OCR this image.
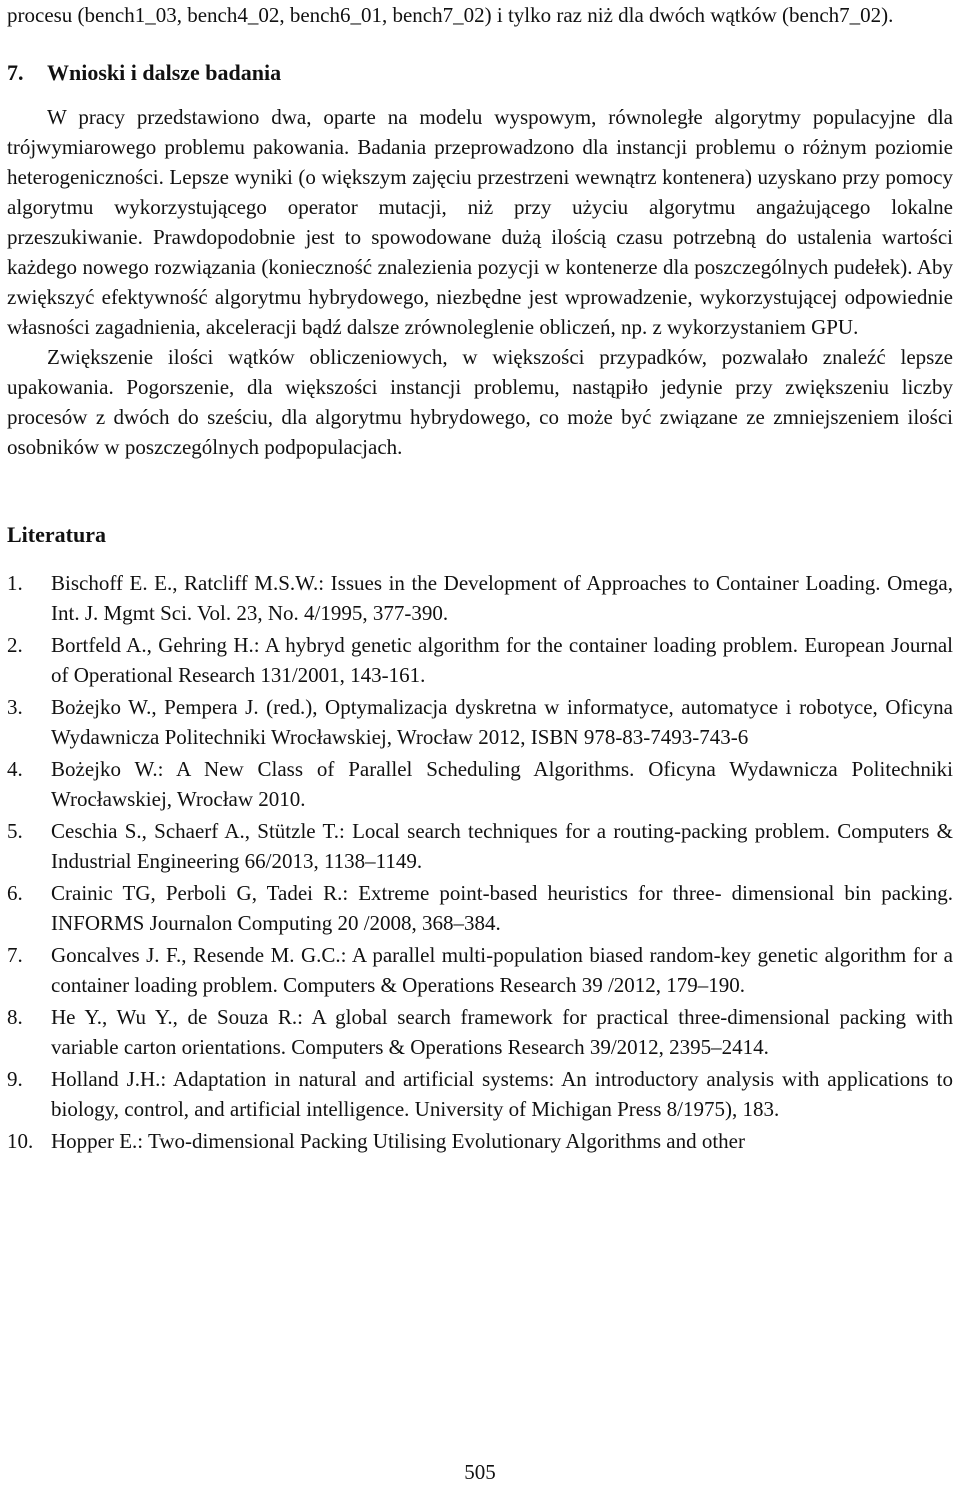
procesu (bench1_03, bench4_02, bench6_01, bench7_02) i tylko raz niż dla dwóch wątków (bench7_02).

7. Wnioski i dalsze badania

W pracy przedstawiono dwa, oparte na modelu wyspowym, równoległe algorytmy populacyjne dla trójwymiarowego problemu pakowania. Badania przeprowadzono dla instancji problemu o różnym poziomie heterogeniczności. Lepsze wyniki (o większym zajęciu przestrzeni wewnątrz kontenera) uzyskano przy pomocy algorytmu wykorzystującego operator mutacji, niż przy użyciu algorytmu angażującego lokalne przeszukiwanie. Prawdopodobnie jest to spowodowane dużą ilością czasu potrzebną do ustalenia wartości każdego nowego rozwiązania (konieczność znalezienia pozycji w kontenerze dla poszczególnych pudełek). Aby zwiększyć efektywność algorytmu hybrydowego, niezbędne jest wprowadzenie, wykorzystującej odpowiednie własności zagadnienia, akceleracji bądź dalsze zrównoleglenie obliczeń, np. z wykorzystaniem GPU.

Zwiększenie ilości wątków obliczeniowych, w większości przypadków, pozwalało znaleźć lepsze upakowania. Pogorszenie, dla większości instancji problemu, nastąpiło jedynie przy zwiększeniu liczby procesów z dwóch do sześciu, dla algorytmu hybrydowego, co może być związane ze zmniejszeniem ilości osobników w poszczególnych podpopulacjach.

Literatura
1. Bischoff E. E., Ratcliff M.S.W.: Issues in the Development of Approaches to Container Loading. Omega, Int. J. Mgmt Sci. Vol. 23, No. 4/1995, 377-390.
2. Bortfeld A., Gehring H.: A hybryd genetic algorithm for the container loading problem. European Journal of Operational Research 131/2001, 143-161.
3. Bożejko W., Pempera J. (red.), Optymalizacja dyskretna w informatyce, automatyce i robotyce, Oficyna Wydawnicza Politechniki Wrocławskiej, Wrocław 2012, ISBN 978-83-7493-743-6
4. Bożejko W.: A New Class of Parallel Scheduling Algorithms. Oficyna Wydawnicza Politechniki Wrocławskiej, Wrocław 2010.
5. Ceschia S., Schaerf A., Stützle T.: Local search techniques for a routing-packing problem. Computers & Industrial Engineering 66/2013, 1138–1149.
6. Crainic TG, Perboli G, Tadei R.: Extreme point-based heuristics for three- dimensional bin packing. INFORMS Journalon Computing 20 /2008, 368–384.
7. Goncalves J. F., Resende M. G.C.: A parallel multi-population biased random-key genetic algorithm for a container loading problem. Computers & Operations Research 39 /2012, 179–190.
8. He Y., Wu Y., de Souza R.: A global search framework for practical three-dimensional packing with variable carton orientations. Computers & Operations Research 39/2012, 2395–2414.
9. Holland J.H.: Adaptation in natural and artificial systems: An introductory analysis with applications to biology, control, and artificial intelligence. University of Michigan Press 8/1975), 183.
10. Hopper E.: Two-dimensional Packing Utilising Evolutionary Algorithms and other
505
